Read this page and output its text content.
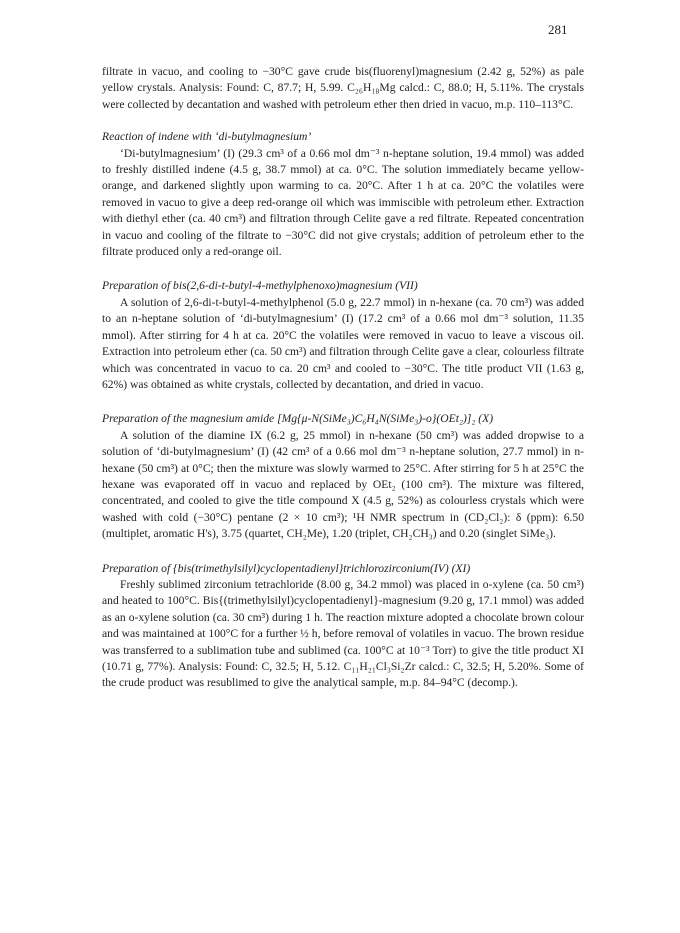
281

filtrate in vacuo, and cooling to −30°C gave crude bis(fluorenyl)magnesium (2.42 g, 52%) as pale yellow crystals. Analysis: Found: C, 87.7; H, 5.99. C₂₆H₁₈Mg calcd.: C, 88.0; H, 5.11%. The crystals were collected by decantation and washed with petroleum ether then dried in vacuo, m.p. 110–113°C.

Reaction of indene with ‘di-butylmagnesium’

‘Di-butylmagnesium’ (I) (29.3 cm³ of a 0.66 mol dm⁻³ n-heptane solution, 19.4 mmol) was added to freshly distilled indene (4.5 g, 38.7 mmol) at ca. 0°C. The solution immediately became yellow-orange, and darkened slightly upon warming to ca. 20°C. After 1 h at ca. 20°C the volatiles were removed in vacuo to give a deep red-orange oil which was immiscible with petroleum ether. Extraction with diethyl ether (ca. 40 cm³) and filtration through Celite gave a red filtrate. Repeated concentration in vacuo and cooling of the filtrate to −30°C did not give crystals; addition of petroleum ether to the filtrate produced only a red-orange oil.

Preparation of bis(2,6-di-t-butyl-4-methylphenoxo)magnesium (VII)

A solution of 2,6-di-t-butyl-4-methylphenol (5.0 g, 22.7 mmol) in n-hexane (ca. 70 cm³) was added to an n-heptane solution of ‘di-butylmagnesium’ (I) (17.2 cm³ of a 0.66 mol dm⁻³ solution, 11.35 mmol). After stirring for 4 h at ca. 20°C the volatiles were removed in vacuo to leave a viscous oil. Extraction into petroleum ether (ca. 50 cm³) and filtration through Celite gave a clear, colourless filtrate which was concentrated in vacuo to ca. 20 cm³ and cooled to −30°C. The title product VII (1.63 g, 62%) was obtained as white crystals, collected by decantation, and dried in vacuo.

Preparation of the magnesium amide [Mg{μ-N(SiMe₃)C₆H₄N(SiMe₃)-o}(OEt₂)]₂ (X)

A solution of the diamine IX (6.2 g, 25 mmol) in n-hexane (50 cm³) was added dropwise to a solution of ‘di-butylmagnesium’ (I) (42 cm³ of a 0.66 mol dm⁻³ n-heptane solution, 27.7 mmol) in n-hexane (50 cm³) at 0°C; then the mixture was slowly warmed to 25°C. After stirring for 5 h at 25°C the hexane was evaporated off in vacuo and replaced by OEt₂ (100 cm³). The mixture was filtered, concentrated, and cooled to give the title compound X (4.5 g, 52%) as colourless crystals which were washed with cold (−30°C) pentane (2 × 10 cm³); ¹H NMR spectrum in (CD₂Cl₂): δ (ppm): 6.50 (multiplet, aromatic H's), 3.75 (quartet, CH₂Me), 1.20 (triplet, CH₂CH₃) and 0.20 (singlet SiMe₃).

Preparation of {bis(trimethylsilyl)cyclopentadienyl}trichlorozirconium(IV) (XI)

Freshly sublimed zirconium tetrachloride (8.00 g, 34.2 mmol) was placed in o-xylene (ca. 50 cm³) and heated to 100°C. Bis{(trimethylsilyl)cyclopentadienyl}-magnesium (9.20 g, 17.1 mmol) was added as an o-xylene solution (ca. 30 cm³) during 1 h. The reaction mixture adopted a chocolate brown colour and was maintained at 100°C for a further ½ h, before removal of volatiles in vacuo. The brown residue was transferred to a sublimation tube and sublimed (ca. 100°C at 10⁻³ Torr) to give the title product XI (10.71 g, 77%). Analysis: Found: C, 32.5; H, 5.12. C₁₁H₂₁Cl₃Si₂Zr calcd.: C, 32.5; H, 5.20%. Some of the crude product was resublimed to give the analytical sample, m.p. 84–94°C (decomp.).
